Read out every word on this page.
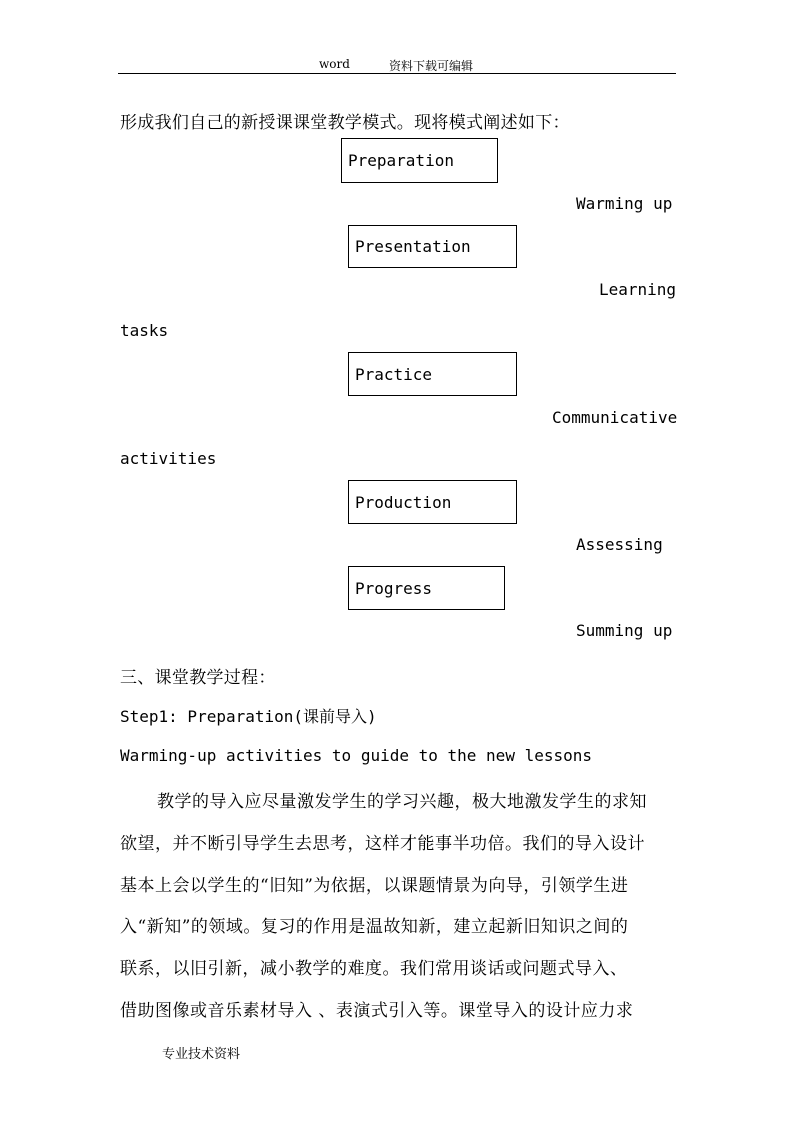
word	资料下载可编辑
形成我们自己的新授课课堂教学模式。现将模式阐述如下：
Preparation
Warming up
Presentation
Learning
tasks
Practice
Communicative
activities
Production
Assessing
Progress
Summing up
三、课堂教学过程：
Step1: Preparation(课前导入)
Warming-up activities to guide to the new lessons
教学的导入应尽量激发学生的学习兴趣，极大地激发学生的求知
欲望，并不断引导学生去思考，这样才能事半功倍。我们的导入设计
基本上会以学生的“旧知”为依据，以课题情景为向导，引领学生进
入“新知”的领域。复习的作用是温故知新，建立起新旧知识之间的
联系，以旧引新，减小教学的难度。我们常用谈话或问题式导入、
借助图像或音乐素材导入 、表演式引入等。课堂导入的设计应力求
专业技术资料
